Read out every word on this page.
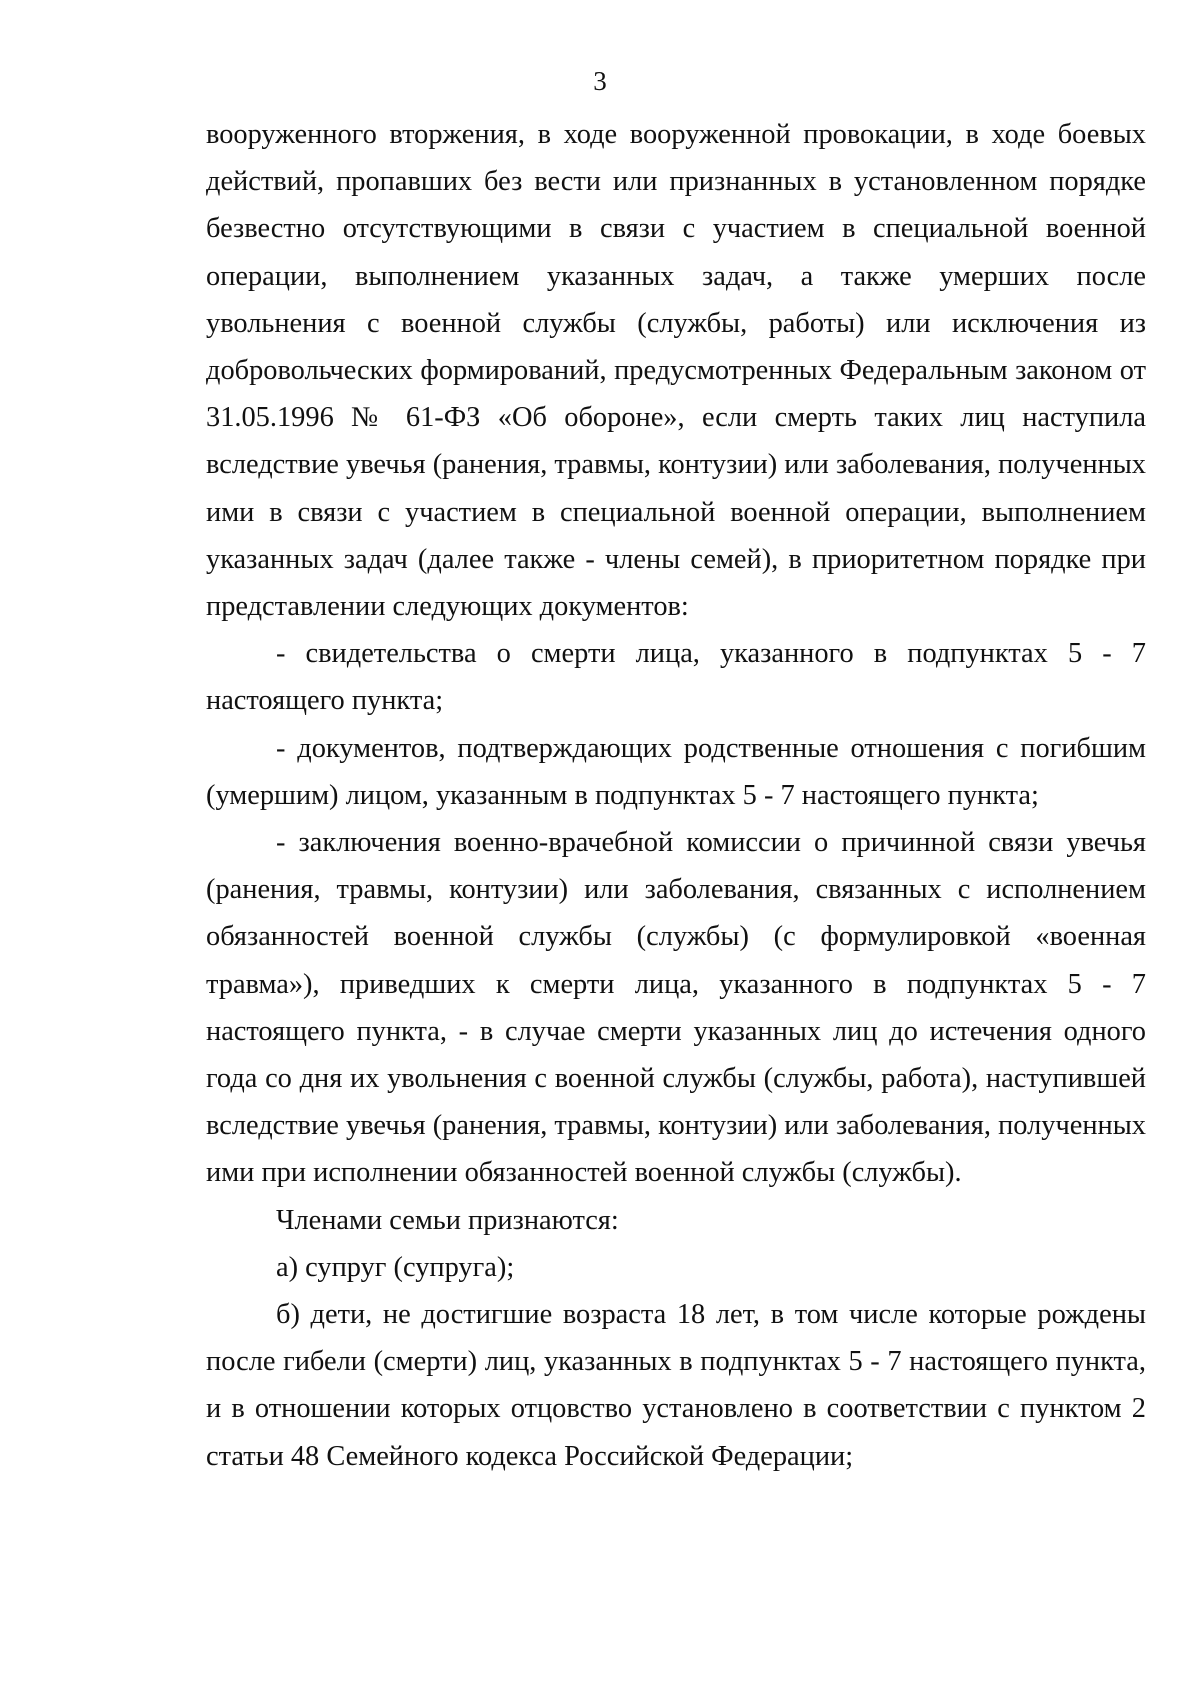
3

вооруженного вторжения, в ходе вооруженной провокации, в ходе боевых действий, пропавших без вести или признанных в установленном порядке безвестно отсутствующими в связи с участием в специальной военной операции, выполнением указанных задач, а также умерших после увольнения с военной службы (службы, работы) или исключения из добровольческих формирований, предусмотренных Федеральным законом от 31.05.1996 № 61-ФЗ «Об обороне», если смерть таких лиц наступила вследствие увечья (ранения, травмы, контузии) или заболевания, полученных ими в связи с участием в специальной военной операции, выполнением указанных задач (далее также - члены семей), в приоритетном порядке при представлении следующих документов:

- свидетельства о смерти лица, указанного в подпунктах 5 - 7 настоящего пункта;

- документов, подтверждающих родственные отношения с погибшим (умершим) лицом, указанным в подпунктах 5 - 7 настоящего пункта;

- заключения военно-врачебной комиссии о причинной связи увечья (ранения, травмы, контузии) или заболевания, связанных с исполнением обязанностей военной службы (службы) (с формулировкой «военная травма»), приведших к смерти лица, указанного в подпунктах 5 - 7 настоящего пункта, - в случае смерти указанных лиц до истечения одного года со дня их увольнения с военной службы (службы, работа), наступившей вследствие увечья (ранения, травмы, контузии) или заболевания, полученных ими при исполнении обязанностей военной службы (службы).

Членами семьи признаются:

а) супруг (супруга);

б) дети, не достигшие возраста 18 лет, в том числе которые рождены после гибели (смерти) лиц, указанных в подпунктах 5 - 7 настоящего пункта, и в отношении которых отцовство установлено в соответствии с пунктом 2 статьи 48 Семейного кодекса Российской Федерации;
